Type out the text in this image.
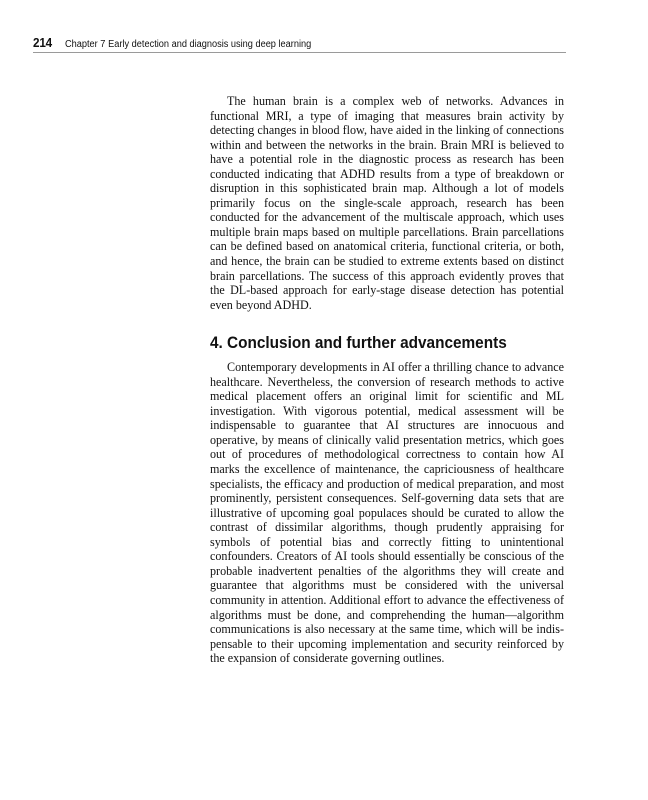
214 Chapter 7 Early detection and diagnosis using deep learning

The human brain is a complex web of networks. Advances in functional MRI, a type of imaging that measures brain activity by detecting changes in blood flow, have aided in the linking of connections within and between the networks in the brain. Brain MRI is believed to have a potential role in the diagnostic process as research has been conducted indicating that ADHD results from a type of breakdown or disruption in this sophisticated brain map. Although a lot of models primarily focus on the single-scale approach, research has been conducted for the advancement of the multiscale approach, which uses multiple brain maps based on multiple parcellations. Brain parcellations can be defined based on anatomical criteria, functional criteria, or both, and hence, the brain can be studied to extreme extents based on distinct brain parcellations. The success of this approach evidently proves that the DL-based approach for early-stage disease detection has potential even beyond ADHD.

4. Conclusion and further advancements

Contemporary developments in AI offer a thrilling chance to advance healthcare. Nevertheless, the conversion of research methods to active medical placement offers an original limit for scientific and ML investigation. With vigorous potential, medical assessment will be indispensable to guarantee that AI structures are innocuous and operative, by means of clinically valid presentation metrics, which goes out of procedures of methodological correctness to contain how AI marks the excellence of maintenance, the capriciousness of healthcare specialists, the efficacy and production of medical preparation, and most prominently, persistent consequences. Self-governing data sets that are illustrative of upcoming goal populaces should be curated to allow the contrast of dissimilar algorithms, though prudently appraising for symbols of potential bias and correctly fitting to unintentional confounders. Creators of AI tools should essentially be conscious of the probable inadvertent penalties of the algorithms they will create and guarantee that algorithms must be considered with the universal community in attention. Additional effort to advance the effectiveness of algorithms must be done, and comprehending the human—algorithm communications is also necessary at the same time, which will be indispensable to their upcoming implementation and security reinforced by the expansion of considerate governing outlines.
